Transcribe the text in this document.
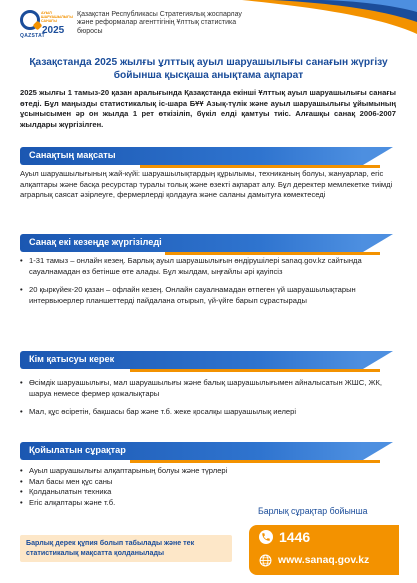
АУЫЛ ШАРУАШЫЛЫҒЫ САНАҒЫ
2025
QAZSTAT
Қазақстан Республикасы Стратегиялық жоспарлау және реформалар агенттігінің Ұлттық статистика бюросы
Қазақстанда 2025 жылғы ұлттық ауыл шаруашылығы санағын жүргізу бойынша қысқаша анықтама ақпарат

2025 жылғы 1 тамыз-20 қазан аралығында Қазақстанда екінші Ұлттық ауыл шаруашылығы санағы өтеді. Бұл маңызды статистикалық іс-шара БҰҰ Азық-түлік және ауыл шаруашылығы ұйымының ұсынысымен әр он жылда 1 рет өткізіліп, бүкіл елді қамтуы тиіс. Алғашқы санақ 2006-2007 жылдары жүргізілген.

Санақтың мақсаты

Ауыл шаруашылығының жай-күйі: шаруашылықтардың құрылымы, техниканың болуы, жануарлар, егіс алқаптары және басқа ресурстар туралы толық және өзекті ақпарат алу. Бұл деректер мемлекетке тиімді аграрлық саясат әзірлеуге, фермерлерді қолдауға және саланы дамытуға көмектеседі

Санақ екі кезеңде жүргізіледі
• 1-31 тамыз – онлайн кезең. Барлық ауыл шаруашылығын өндірушілері sanaq.gov.kz сайтында сауалнамадан өз бетінше өте алады. Бұл жылдам, ыңғайлы әрі қауіпсіз
• 20 қыркүйек-20 қазан – офлайн кезең. Онлайн сауалнамадан өтпеген үй шаруашылықтарын интервьюерлер планшеттерді пайдалана отырып, үй-үйге барып сұрастырады
Кім қатысуы керек
• Өсімдік шаруашылығы, мал шаруашылығы және балық шаруашылығымен айналысатын ЖШС, ЖК, шаруа немесе фермер қожалықтары
• Мал, құс өсіретін, бақшасы бар және т.б. жеке қосалқы шаруашылық иелері
Қойылатын сұрақтар
• Ауыл шаруашылығы алқаптарының болуы және түрлері
• Мал басы мен құс саны
• Қолданылатын техника
• Егіс алқаптары және т.б.
Барлық сұрақтар бойынша
Барлық дерек құпия болып табылады және тек статистикалық мақсатта қолданылады
1446
www.sanaq.gov.kz
